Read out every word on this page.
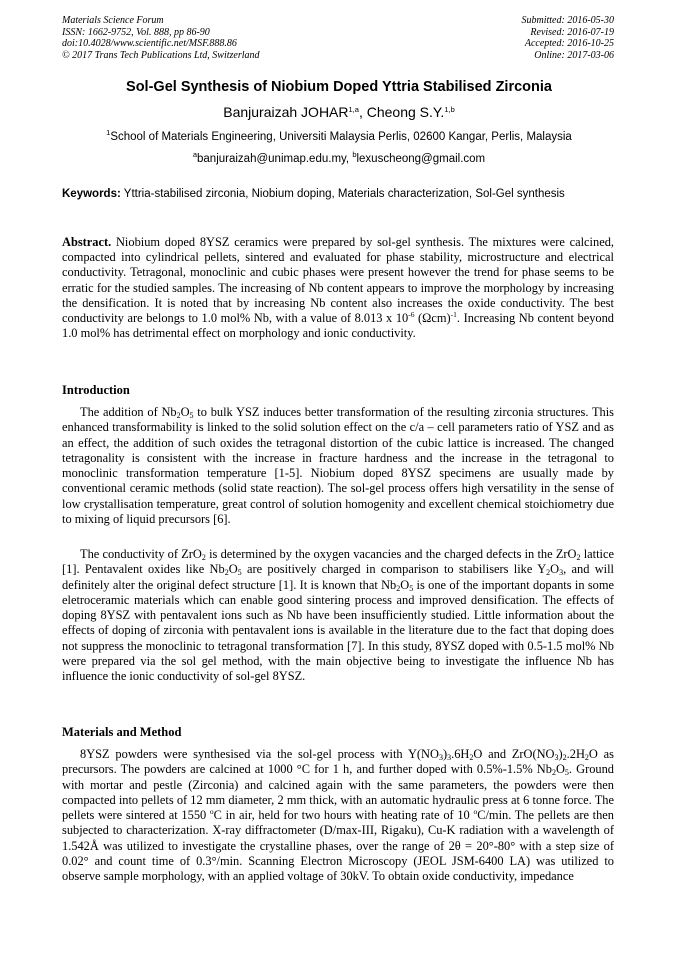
Materials Science Forum
ISSN: 1662-9752, Vol. 888, pp 86-90
doi:10.4028/www.scientific.net/MSF.888.86
© 2017 Trans Tech Publications Ltd, Switzerland
Submitted: 2016-05-30
Revised: 2016-07-19
Accepted: 2016-10-25
Online: 2017-03-06
Sol-Gel Synthesis of Niobium Doped Yttria Stabilised Zirconia
Banjuraizah JOHAR$^{1,a}$, Cheong S.Y.$^{1,b}$
$^1$School of Materials Engineering, Universiti Malaysia Perlis, 02600 Kangar, Perlis, Malaysia
$^a$banjuraizah@unimap.edu.my, $^b$lexuscheong@gmail.com
Keywords: Yttria-stabilised zirconia, Niobium doping, Materials characterization, Sol-Gel synthesis
Abstract. Niobium doped 8YSZ ceramics were prepared by sol-gel synthesis. The mixtures were calcined, compacted into cylindrical pellets, sintered and evaluated for phase stability, microstructure and electrical conductivity. Tetragonal, monoclinic and cubic phases were present however the trend for phase seems to be erratic for the studied samples. The increasing of Nb content appears to improve the morphology by increasing the densification. It is noted that by increasing Nb content also increases the oxide conductivity. The best conductivity are belongs to 1.0 mol% Nb, with a value of 8.013 x $10^{-6}$ $(\Omega cm)^{-1}$. Increasing Nb content beyond 1.0 mol% has detrimental effect on morphology and ionic conductivity.
Introduction

The addition of $Nb_2O_5$ to bulk YSZ induces better transformation of the resulting zirconia structures. This enhanced transformability is linked to the solid solution effect on the c/a – cell parameters ratio of YSZ and as an effect, the addition of such oxides the tetragonal distortion of the cubic lattice is increased. The changed tetragonality is consistent with the increase in fracture hardness and the increase in the tetragonal to monoclinic transformation temperature [1-5]. Niobium doped 8YSZ specimens are usually made by conventional ceramic methods (solid state reaction). The sol-gel process offers high versatility in the sense of low crystallisation temperature, great control of solution homogenity and excellent chemical stoichiometry due to mixing of liquid precursors [6].

The conductivity of ZrO$_2$ is determined by the oxygen vacancies and the charged defects in the ZrO$_2$ lattice [1]. Pentavalent oxides like $Nb_2O_5$ are positively charged in comparison to stabilisers like $Y_2O_3$, and will definitely alter the original defect structure [1]. It is known that $Nb_2O_5$ is one of the important dopants in some eletroceramic materials which can enable good sintering process and improved densification. The effects of doping 8YSZ with pentavalent ions such as Nb have been insufficiently studied. Little information about the effects of doping of zirconia with pentavalent ions is available in the literature due to the fact that doping does not suppress the monoclinic to tetragonal transformation [7]. In this study, 8YSZ doped with 0.5-1.5 mol% Nb were prepared via the sol gel method, with the main objective being to investigate the influence Nb has influence the ionic conductivity of sol-gel 8YSZ.

Materials and Method

8YSZ powders were synthesised via the sol-gel process with $Y(NO_3)_3.6H_2O$ and $ZrO(NO_3)_2.2H_2O$ as precursors. The powders are calcined at 1000 °C for 1 h, and further doped with 0.5%-1.5% $Nb_2O_5$. Ground with mortar and pestle (Zirconia) and calcined again with the same parameters, the powders were then compacted into pellets of 12 mm diameter, 2 mm thick, with an automatic hydraulic press at 6 tonne force. The pellets were sintered at 1550 $^o$C in air, held for two hours with heating rate of 10 $^o$C/min. The pellets are then subjected to characterization. X-ray diffractometer (D/max-III, Rigaku), Cu-K radiation with a wavelength of 1.542Å was utilized to investigate the crystalline phases, over the range of 2θ = 20°-80° with a step size of 0.02° and count time of 0.3°/min. Scanning Electron Microscopy (JEOL JSM-6400 LA) was utilized to observe sample morphology, with an applied voltage of 30kV. To obtain oxide conductivity, impedance
